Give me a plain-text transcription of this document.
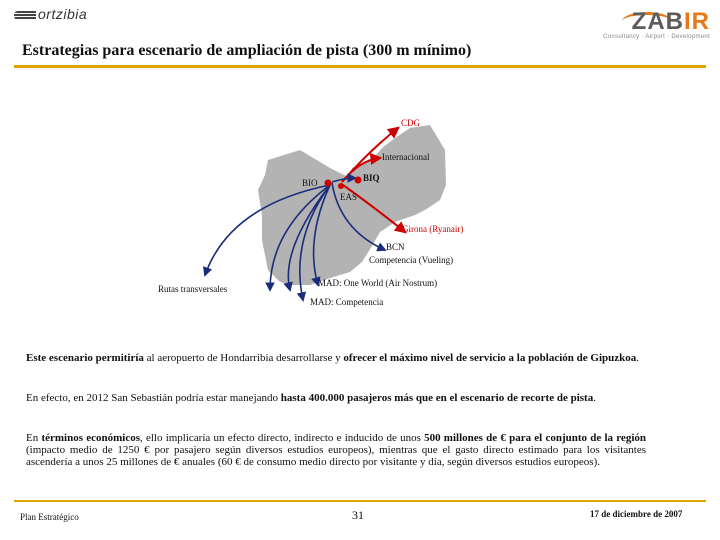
ortzibia	ZABIR
Consultancy · Airport · Development
Estrategias para escenario de ampliación de pista (300 m mínimo)
CDG
Internacional
BIQ
BIO
EAS
Girona (Ryanair)
BCN
Competencia (Vueling)
MAD: One World (Air Nostrum)
MAD: Competencia
Rutas transversales
Este escenario permitiría al aeropuerto de Hondarribia desarrollarse y ofrecer el máximo nivel de servicio a la población de Gipuzkoa.
En efecto, en 2012 San Sebastián podría estar manejando hasta 400.000 pasajeros más que en el escenario de recorte de pista.
En términos económicos, ello implicaría un efecto directo, indirecto e inducido de unos 500 millones de € para el conjunto de la región (impacto medio de 1250 € por pasajero según diversos estudios europeos), mientras que el gasto directo estimado para los visitantes ascendería a unos 25 millones de € anuales (60 € de consumo medio directo por visitante y día, según diversos estudios europeos).
Plan Estratégico	31	17 de diciembre de 2007
